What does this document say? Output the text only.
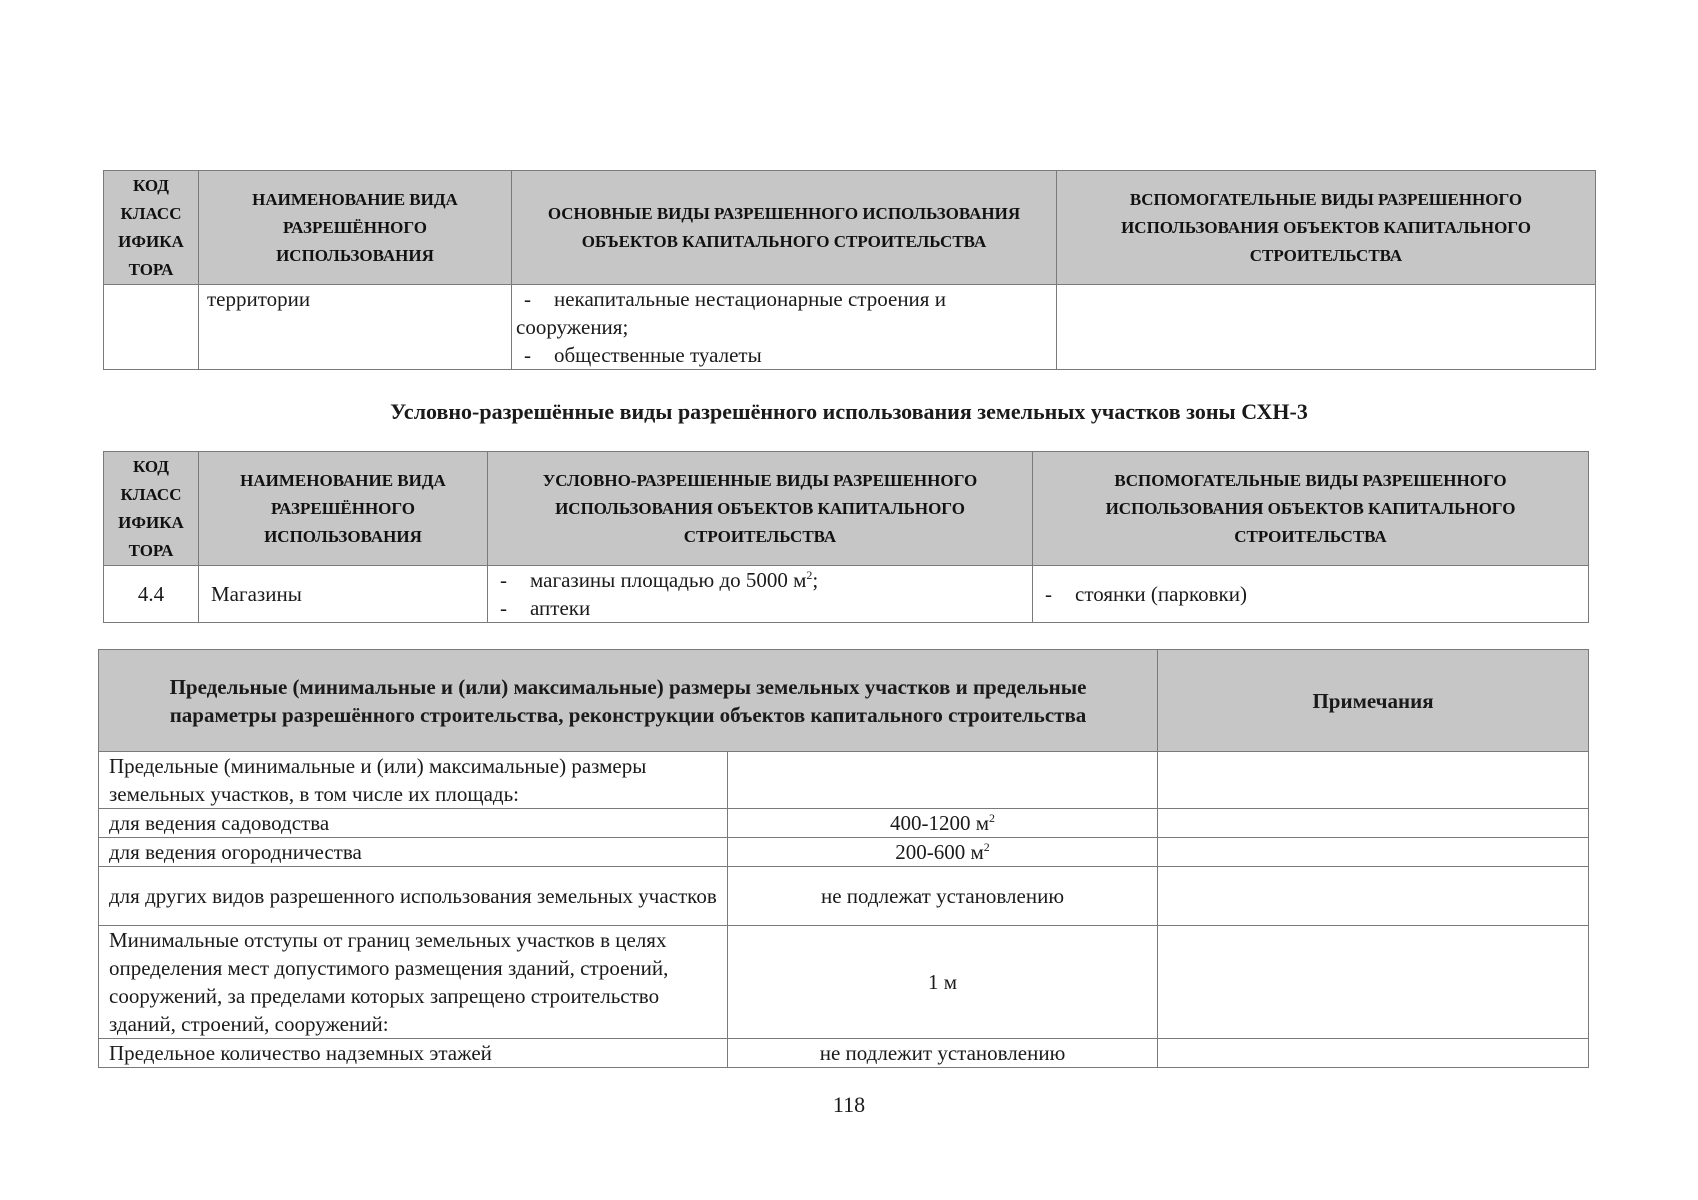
КОД
КЛАСС
ИФИКА
ТОРА	НАИМЕНОВАНИЕ ВИДА РАЗРЕШЁННОГО ИСПОЛЬЗОВАНИЯ	ОСНОВНЫЕ ВИДЫ РАЗРЕШЕННОГО ИСПОЛЬЗОВАНИЯ ОБЪЕКТОВ КАПИТАЛЬНОГО СТРОИТЕЛЬСТВА	ВСПОМОГАТЕЛЬНЫЕ ВИДЫ РАЗРЕШЕННОГО ИСПОЛЬЗОВАНИЯ ОБЪЕКТОВ КАПИТАЛЬНОГО СТРОИТЕЛЬСТВА
	территории	- некапитальные нестационарные строения и сооружения;
- общественные туалеты	

Условно-разрешённые виды разрешённого использования земельных участков зоны СХН-3
КОД
КЛАСС
ИФИКА
ТОРА	НАИМЕНОВАНИЕ ВИДА РАЗРЕШЁННОГО ИСПОЛЬЗОВАНИЯ	УСЛОВНО-РАЗРЕШЕННЫЕ ВИДЫ РАЗРЕШЕННОГО ИСПОЛЬЗОВАНИЯ ОБЪЕКТОВ КАПИТАЛЬНОГО СТРОИТЕЛЬСТВА	ВСПОМОГАТЕЛЬНЫЕ ВИДЫ РАЗРЕШЕННОГО ИСПОЛЬЗОВАНИЯ ОБЪЕКТОВ КАПИТАЛЬНОГО СТРОИТЕЛЬСТВА
4.4	Магазины	- магазины площадью до 5000 $м^2$;
- аптеки	- стоянки (парковки)
Предельные (минимальные и (или) максимальные) размеры земельных участков и предельные параметры разрешённого строительства, реконструкции объектов капитального строительства		Примечания
Предельные (минимальные и (или) максимальные) размеры земельных участков, в том числе их площадь:		
для ведения садоводства	400-1200 $м^2$	
для ведения огородничества	200-600 $м^2$	
для других видов разрешенного использования земельных участков	не подлежат установлению	
Минимальные отступы от границ земельных участков в целях определения мест допустимого размещения зданий, строений, сооружений, за пределами которых запрещено строительство зданий, строений, сооружений:	1 м	
Предельное количество надземных этажей	не подлежит установлению	
118
